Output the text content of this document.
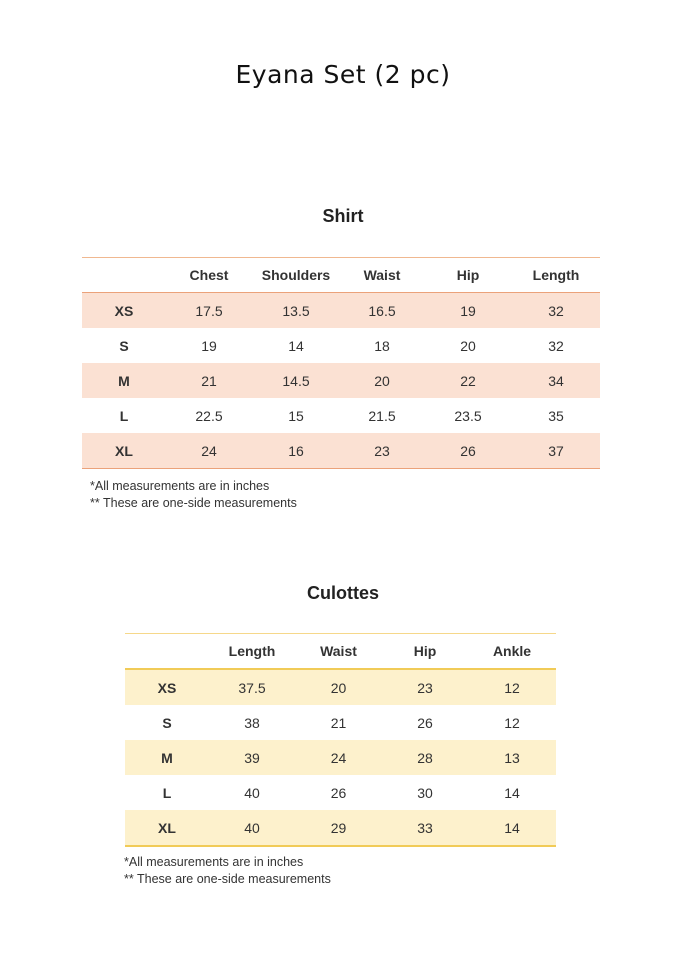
Eyana Set (2 pc)
Shirt
	Chest	Shoulders	Waist	Hip	Length
XS	17.5	13.5	16.5	19	32
S	19	14	18	20	32
M	21	14.5	20	22	34
L	22.5	15	21.5	23.5	35
XL	24	16	23	26	37
*All measurements are in inches
** These are one-side measurements
Culottes
	Length	Waist	Hip	Ankle
XS	37.5	20	23	12
S	38	21	26	12
M	39	24	28	13
L	40	26	30	14
XL	40	29	33	14
*All measurements are in inches
** These are one-side measurements
